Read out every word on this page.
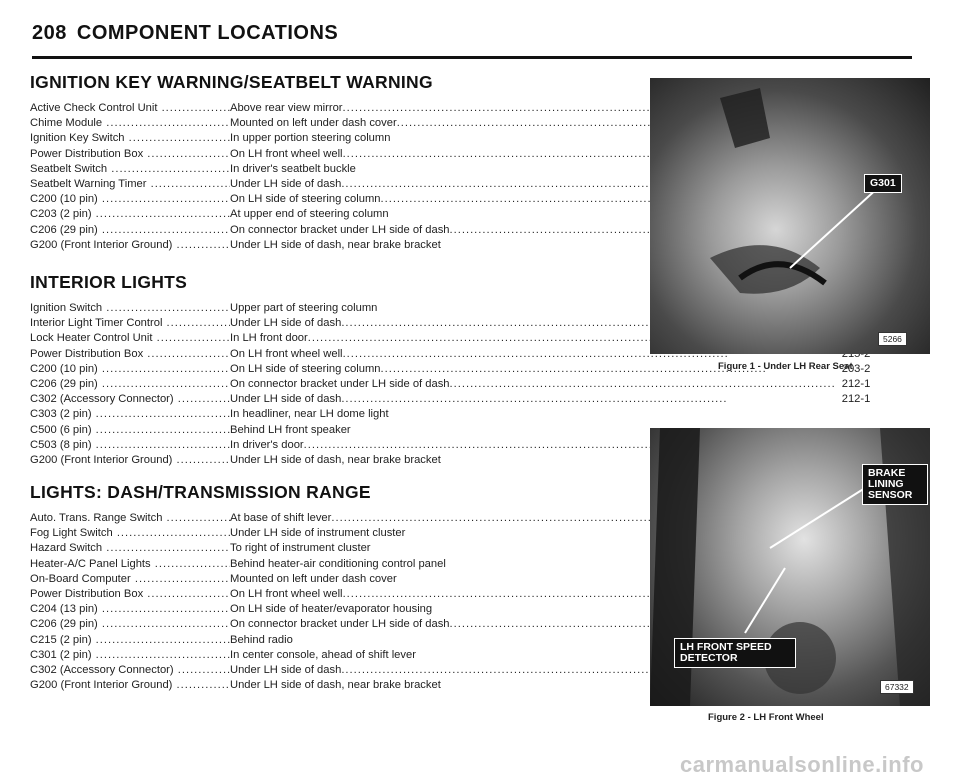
208 COMPONENT LOCATIONS
IGNITION KEY WARNING/SEATBELT WARNING
Active Check Control Unit .....	Above rear view mirror
.....
Chime Module .....	Mounted on left under dash cover
.....
Ignition Key Switch .....	In upper portion steering column
Power Distribution Box .....	On LH front wheel well
.....
Seatbelt Switch .....	In driver's seatbelt buckle
Seatbelt Warning Timer .....	Under LH side of dash
.....
C200 (10 pin) .....	On LH side of steering column
.....
C203 (2 pin) .....	At upper end of steering column
C206 (29 pin) .....	On connector bracket under LH side of dash
.....
G200 (Front Interior Ground) .....	Under LH side of dash, near brake bracket
INTERIOR LIGHTS
Ignition Switch .....	Upper part of steering column
Interior Light Timer Control .....	Under LH side of dash
.....
Lock Heater Control Unit .....	In LH front door
.....
Power Distribution Box .....	On LH front wheel well
.....
C200 (10 pin) .....	On LH side of steering column .....	203-2
C206 (29 pin) .....	On connector bracket under LH side of dash .....	212-1
C302 (Accessory Connector) .....	Under LH side of dash .....	212-1
C303 (2 pin) .....	In headliner, near LH dome light
C500 (6 pin) .....	Behind LH front speaker
C503 (8 pin) .....	In driver's door
.....
G200 (Front Interior Ground) .....	Under LH side of dash, near brake bracket
LIGHTS: DASH/TRANSMISSION RANGE
Auto. Trans. Range Switch .....	At base of shift lever
.....
Fog Light Switch .....	Under LH side of instrument cluster
Hazard Switch .....	To right of instrument cluster
Heater-A/C Panel Lights .....	Behind heater-air conditioning control panel
On-Board Computer .....	Mounted on left under dash cover
Power Distribution Box .....	On LH front wheel well
.....
C204 (13 pin) .....	On LH side of heater/evaporator housing
C206 (29 pin) .....	On connector bracket under LH side of dash
.....
C215 (2 pin) .....	Behind radio
C301 (2 pin) .....	In center console, ahead of shift lever
C302 (Accessory Connector) .....	Under LH side of dash
.....
G200 (Front Interior Ground) .....	Under LH side of dash, near brake bracket
G301
5266
Figure 1 - Under LH Rear Seat
BRAKE LINING SENSOR
LH FRONT SPEED DETECTOR
67332
Figure 2 - LH Front Wheel
carmanualsonline.info
